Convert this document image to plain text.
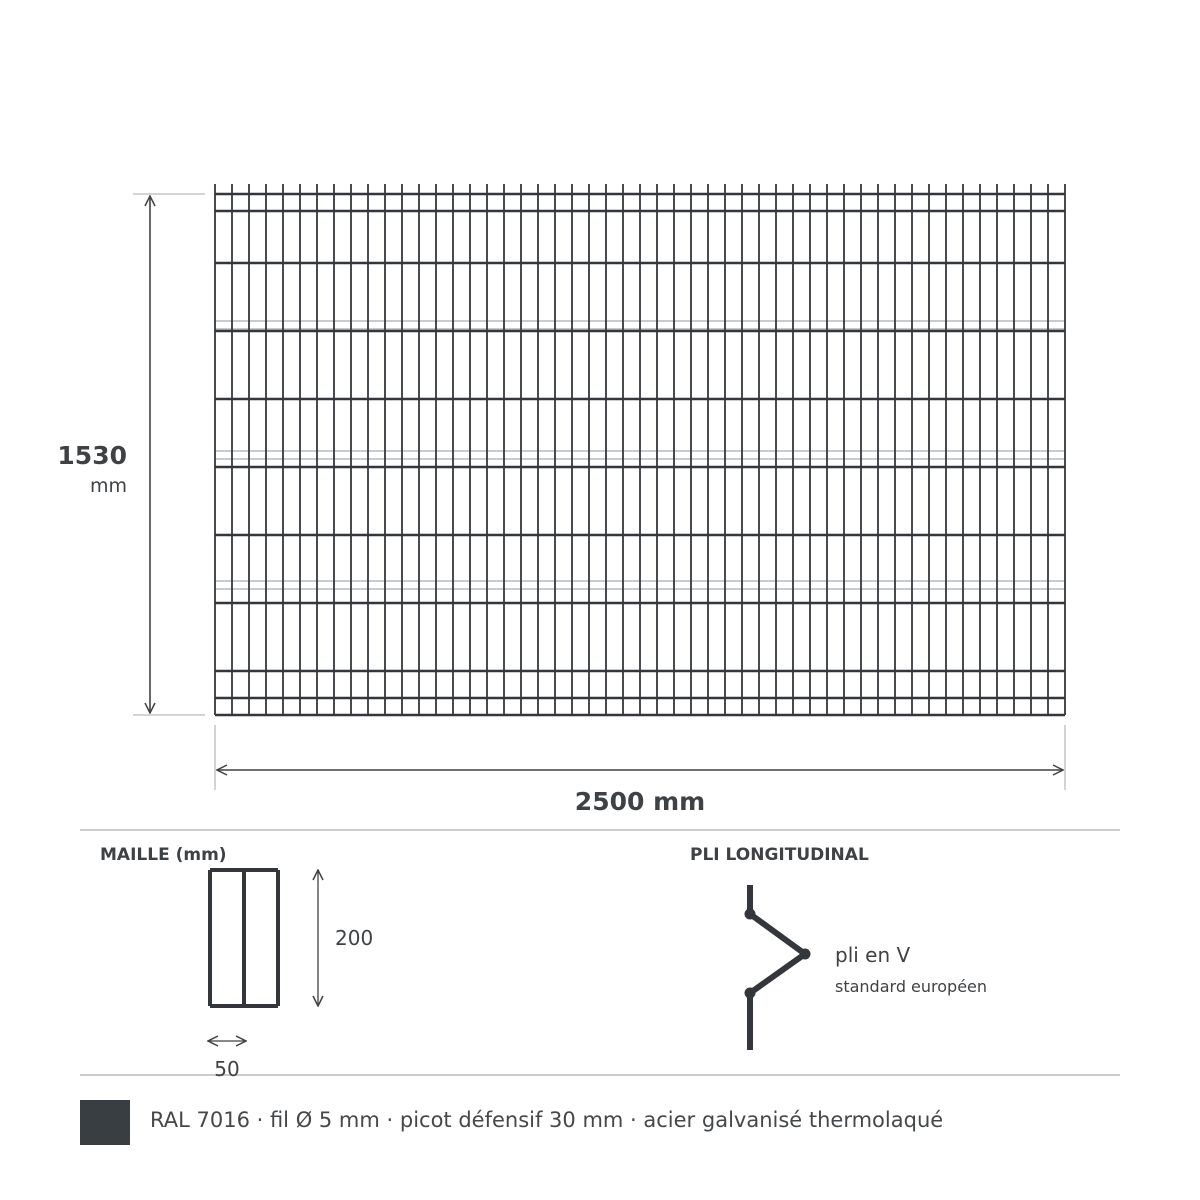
1530
mm
2500 mm
MAILLE (mm)
200
50
PLI LONGITUDINAL
pli en V
standard européen
RAL 7016 · fil Ø 5 mm · picot défensif 30 mm · acier galvanisé thermolaqué
